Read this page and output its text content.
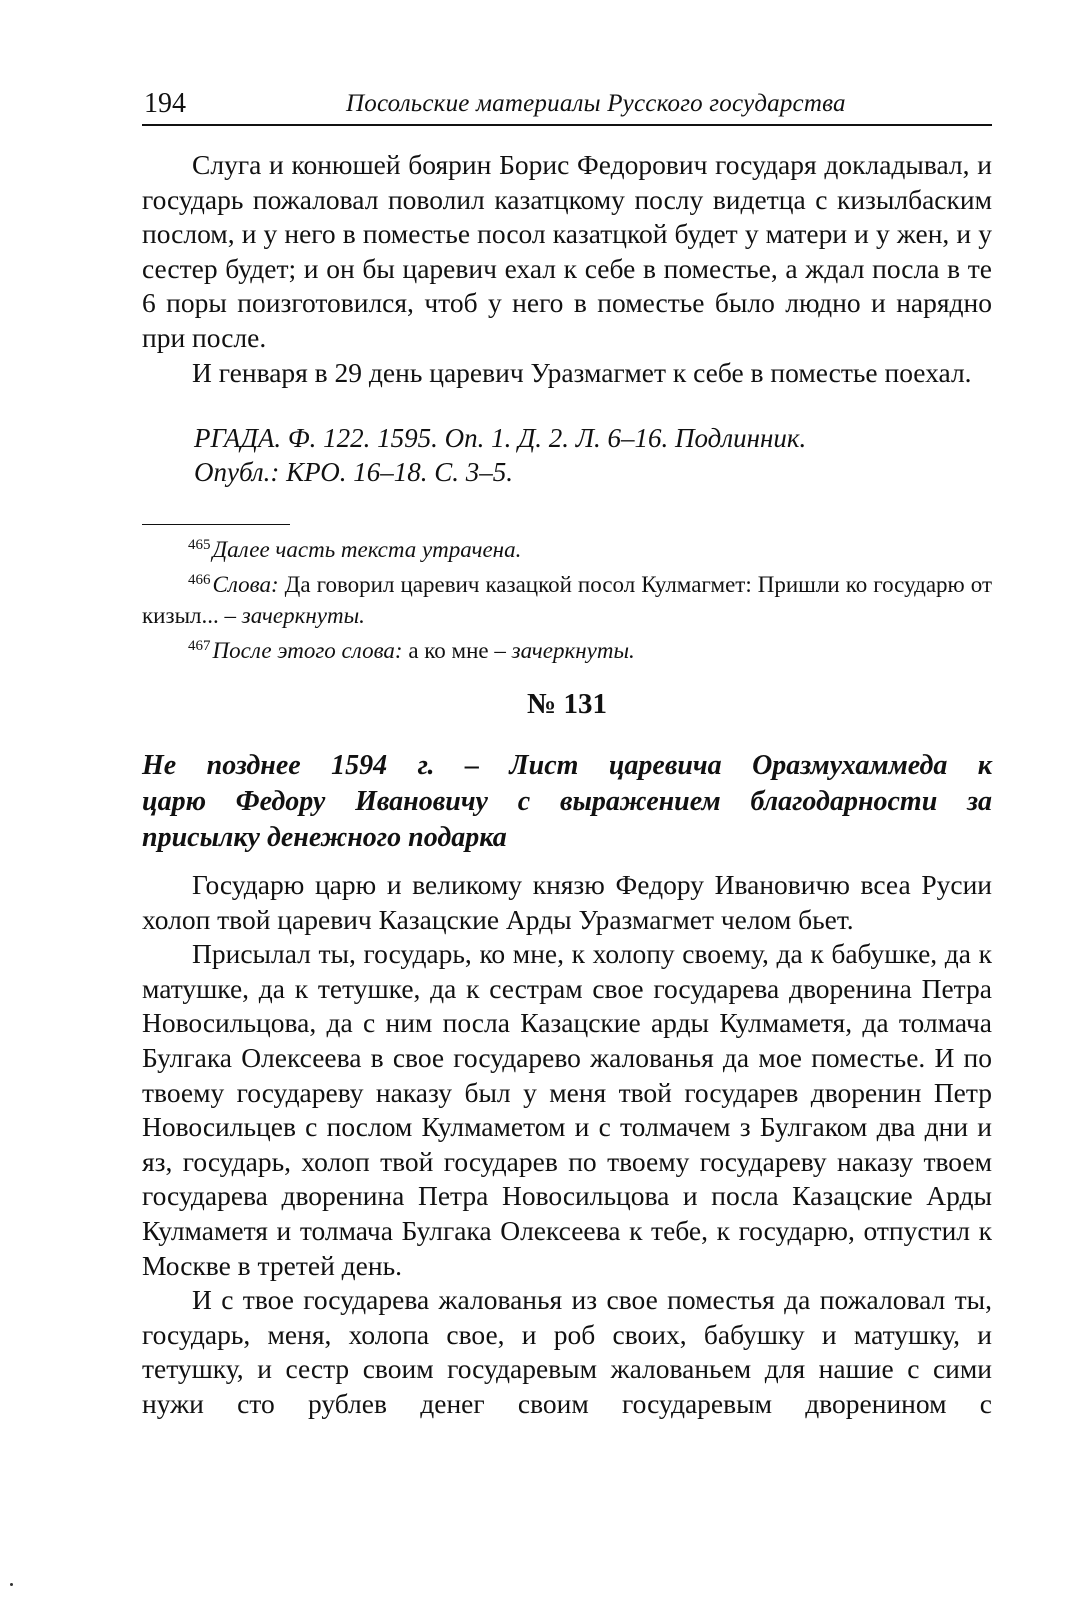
194	Посольские материалы Русского государства

Слуга и конюшей боярин Борис Федорович государя докладывал, и государь пожаловал поволил казатцкому послу видетца с кизылбаским послом, и у него в поместье посол казатцкой будет у матери и у жен, и у сестер будет; и он бы царевич ехал к себе в поместье, а ждал посла в те 6 поры поизготовился, чтоб у него в поместье было людно и нарядно при после.

И генваря в 29 день царевич Уразмагмет к себе в поместье поехал.

РГАДА. Ф. 122. 1595. Оп. 1. Д. 2. Л. 6–16. Подлинник.
Опубл.: КРО. 16–18. С. 3–5.

$^{465}$Далее часть текста утрачена.

$^{466}$Слова: Да говорил царевич казацкой посол Кулмагмет: Пришли ко государю от кизыл... – зачеркнуты.

$^{467}$После этого слова: а ко мне – зачеркнуты.

№ 131

Не позднее 1594 г. – Лист царевича Оразмухаммеда к
царю Федору Ивановичу с выражением благодарности за
присылку денежного подарка

Государю царю и великому князю Федору Ивановичю всеа Русии холоп твой царевич Казацские Арды Уразмагмет челом бьет.

Присылал ты, государь, ко мне, к холопу своему, да к бабушке, да к матушке, да к тетушке, да к сестрам свое государева дворенина Петра Новосильцова, да с ним посла Казацские арды Кулмаметя, да толмача Булгака Олексеева в свое государево жалованья да мое поместье. И по твоему государеву наказу был у меня твой государев дворенин Петр Новосильцев с послом Кулмаметом и с толмачем з Булгаком два дни и яз, государь, холоп твой государев по твоему государеву наказу твоем государева дворенина Петра Новосильцова и посла Казацские Арды Кулмаметя и толмача Булгака Олексеева к тебе, к государю, отпустил к Москве в третей день.

И с твое государева жалованья из свое поместья да пожаловал ты, государь, меня, холопа свое, и роб своих, бабушку и матушку, и тетушку, и сестр своим государевым жалованьем для нашие с сими нужи сто рублев денег своим государевым дворенином с
